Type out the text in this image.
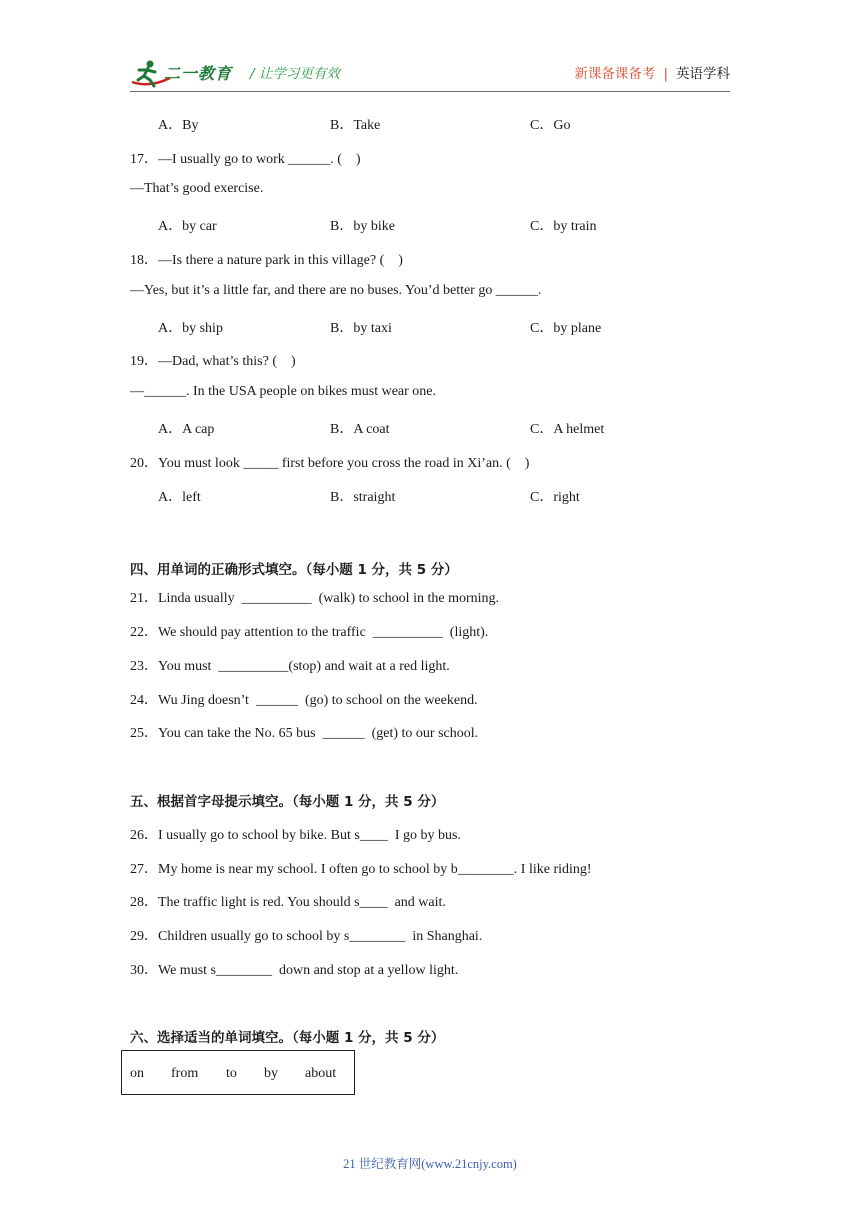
二一教育 / 让学习更有效	新课备课备考 | 英语学科
A．By	B．Take	C．Go
17．—I usually go to work ______. (    )
—That’s good exercise.
A．by car	B．by bike	C．by train
18．—Is there a nature park in this village? (    )
—Yes, but it’s a little far, and there are no buses. You’d better go ______.
A．by ship	B．by taxi	C．by plane
19．—Dad, what’s this? (    )
—______. In the USA people on bikes must wear one.
A．A cap	B．A coat	C．A helmet
20．You must look _____ first before you cross the road in Xi’an. (    )
A．left	B．straight	C．right
四、用单词的正确形式填空。（每小题 1 分，共 5 分）
21．Linda usually  __________  (walk) to school in the morning.
22．We should pay attention to the traffic  __________  (light).
23．You must  __________(stop) and wait at a red light.
24．Wu Jing doesn’t  ______  (go) to school on the weekend.
25．You can take the No. 65 bus  ______  (get) to our school.
五、根据首字母提示填空。（每小题 1 分，共 5 分）
26．I usually go to school by bike. But s____  I go by bus.
27．My home is near my school. I often go to school by b________. I like riding!
28．The traffic light is red. You should s____  and wait.
29．Children usually go to school by s________  in Shanghai.
30．We must s________  down and stop at a yellow light.
六、选择适当的单词填空。（每小题 1 分，共 5 分）
on from to by about
21 世纪教育网(www.21cnjy.com)
